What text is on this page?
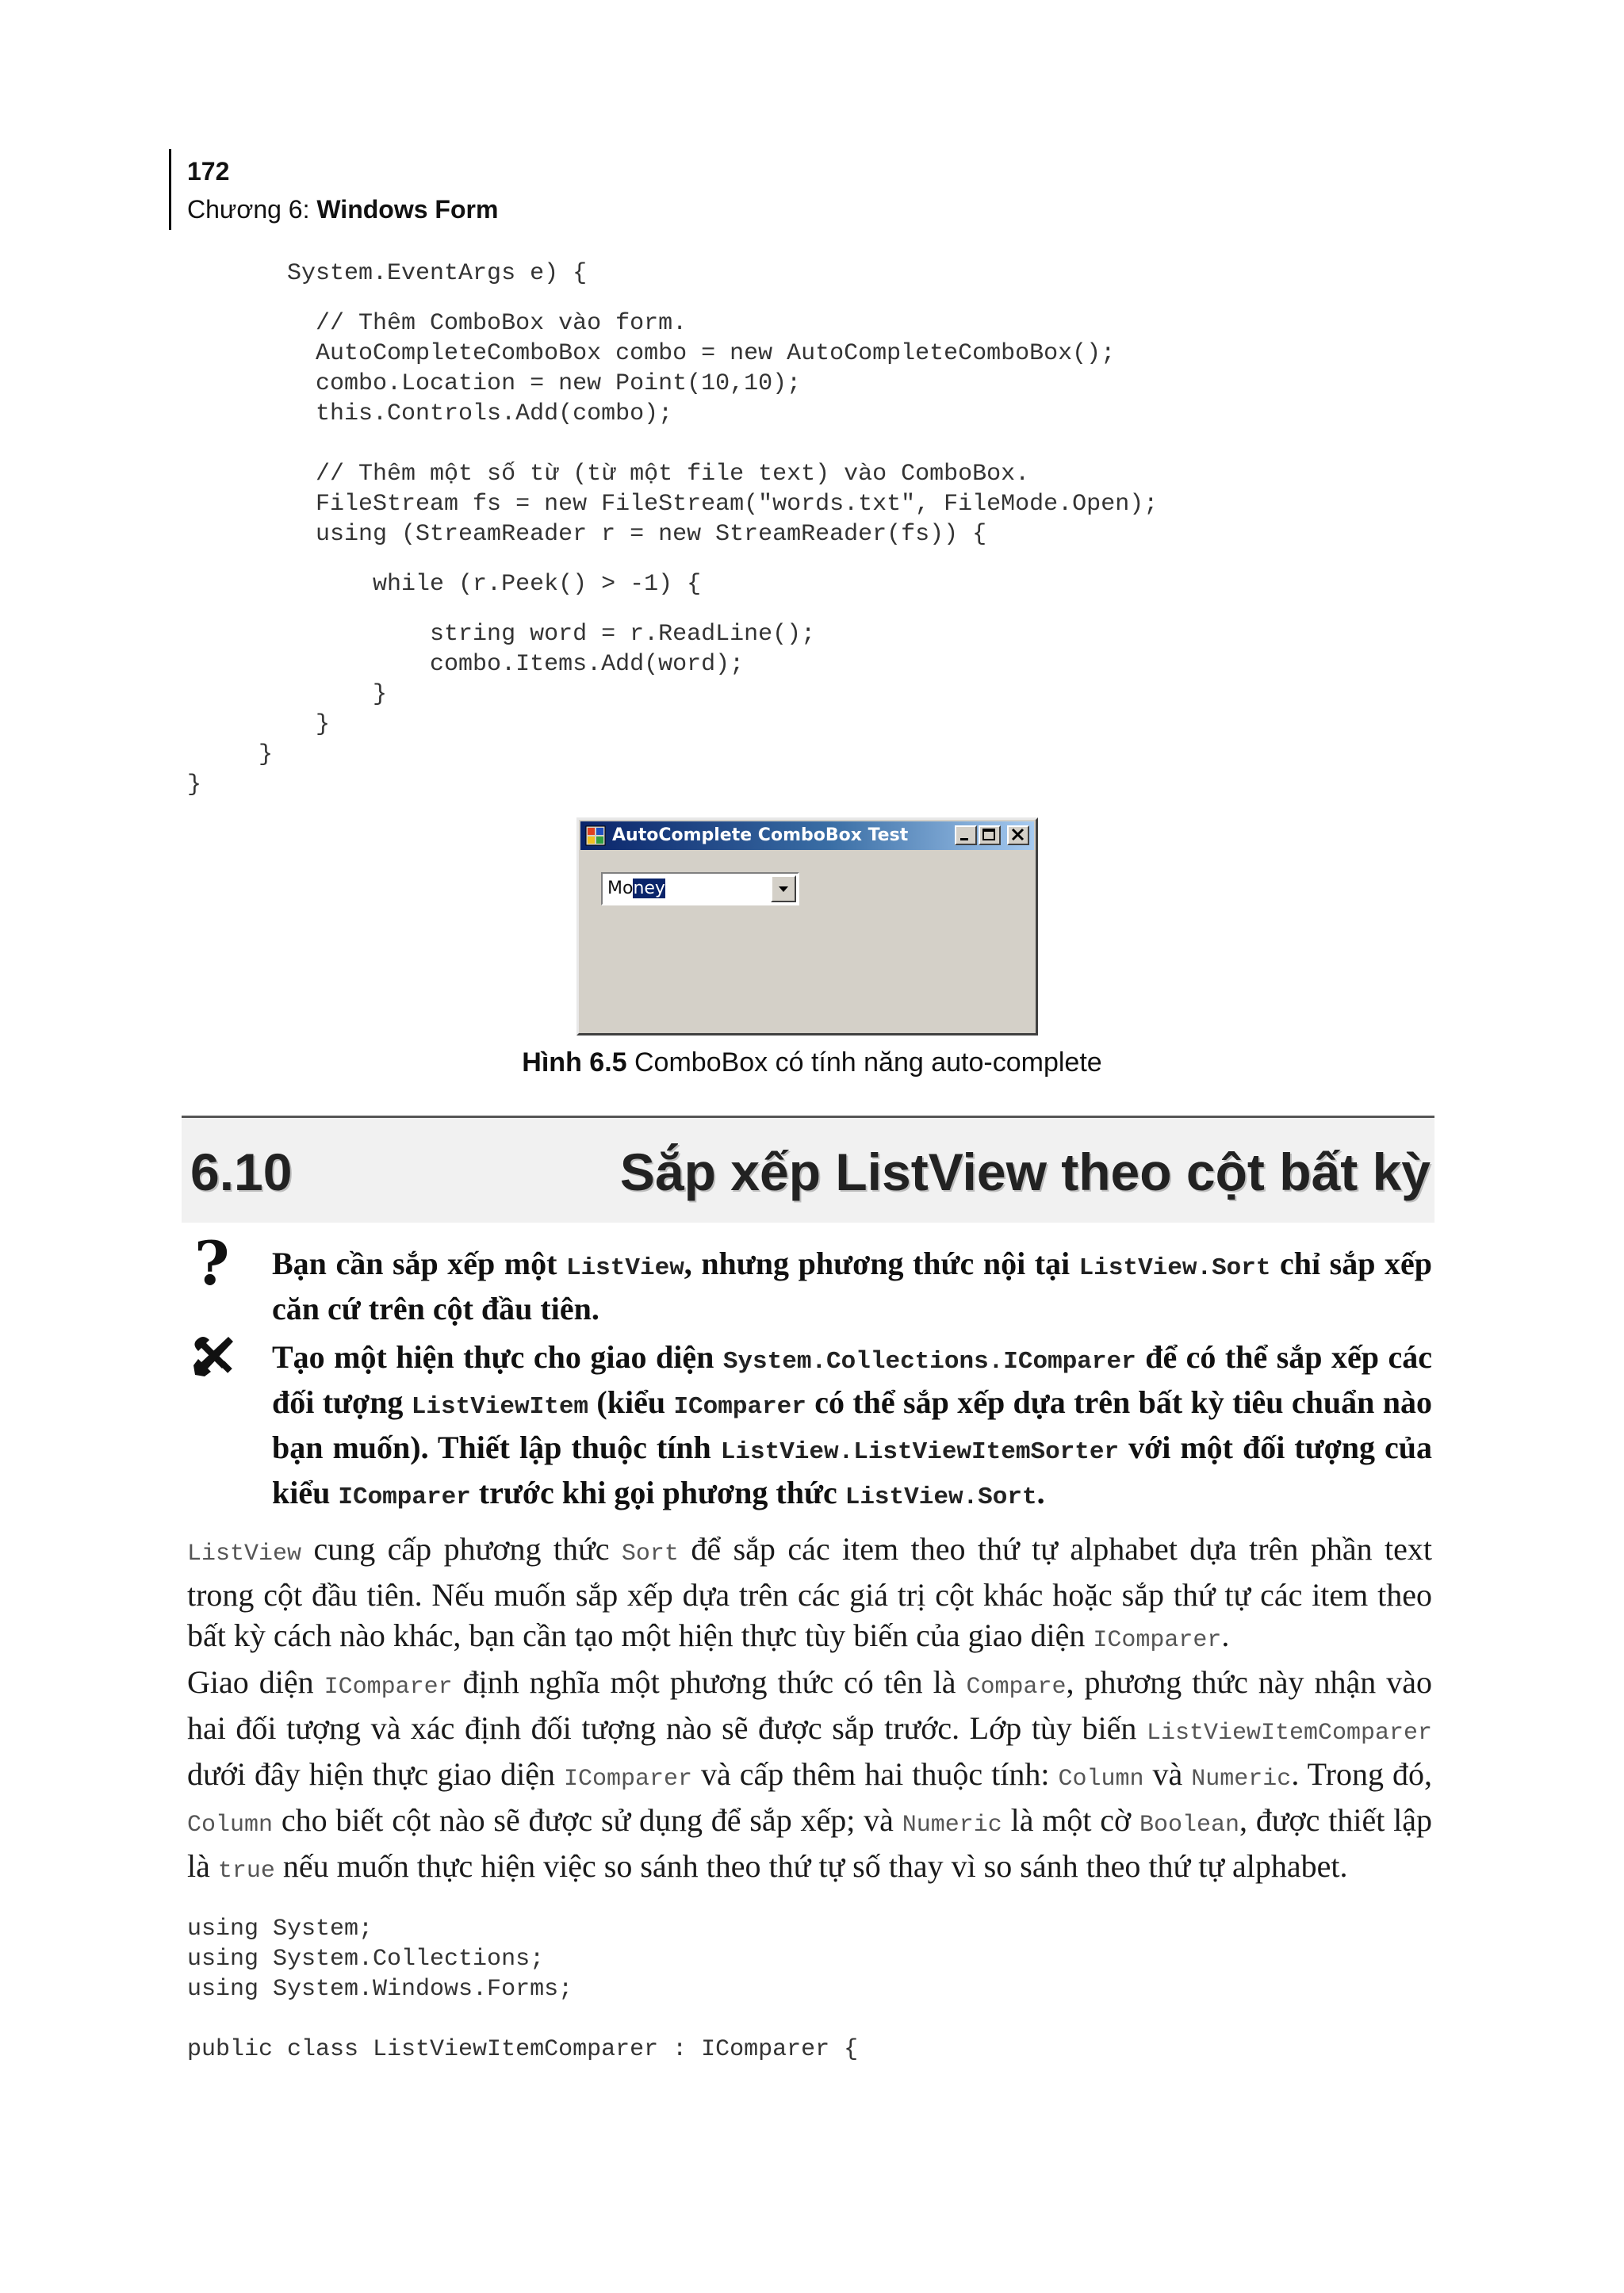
172
Chương 6: Windows Form
System.EventArgs e) {
// Thêm ComboBox vào form.
AutoCompleteComboBox combo = new AutoCompleteComboBox();
combo.Location = new Point(10,10);
this.Controls.Add(combo);
// Thêm một số từ (từ một file text) vào ComboBox.
FileStream fs = new FileStream("words.txt", FileMode.Open);
using (StreamReader r = new StreamReader(fs)) {
while (r.Peek() > -1) {
string word = r.ReadLine();
combo.Items.Add(word);
}
}
}
}
AutoComplete ComboBox Test
Money
Hình 6.5 ComboBox có tính năng auto-complete
6.10	Sắp xếp ListView theo cột bất kỳ
? Bạn cần sắp xếp một ListView, nhưng phương thức nội tại ListView.Sort chỉ sắp xếp căn cứ trên cột đầu tiên.

Tạo một hiện thực cho giao diện System.Collections.IComparer để có thể sắp xếp các đối tượng ListViewItem (kiểu IComparer có thể sắp xếp dựa trên bất kỳ tiêu chuẩn nào bạn muốn). Thiết lập thuộc tính ListView.ListViewItemSorter với một đối tượng của kiểu IComparer trước khi gọi phương thức ListView.Sort.

ListView cung cấp phương thức Sort để sắp các item theo thứ tự alphabet dựa trên phần text trong cột đầu tiên. Nếu muốn sắp xếp dựa trên các giá trị cột khác hoặc sắp thứ tự các item theo bất kỳ cách nào khác, bạn cần tạo một hiện thực tùy biến của giao diện IComparer.

Giao diện IComparer định nghĩa một phương thức có tên là Compare, phương thức này nhận vào hai đối tượng và xác định đối tượng nào sẽ được sắp trước. Lớp tùy biến ListViewItemComparer dưới đây hiện thực giao diện IComparer và cấp thêm hai thuộc tính: Column và Numeric. Trong đó, Column cho biết cột nào sẽ được sử dụng để sắp xếp; và Numeric là một cờ Boolean, được thiết lập là true nếu muốn thực hiện việc so sánh theo thứ tự số thay vì so sánh theo thứ tự alphabet.

using System;
using System.Collections;
using System.Windows.Forms;
public class ListViewItemComparer : IComparer {
